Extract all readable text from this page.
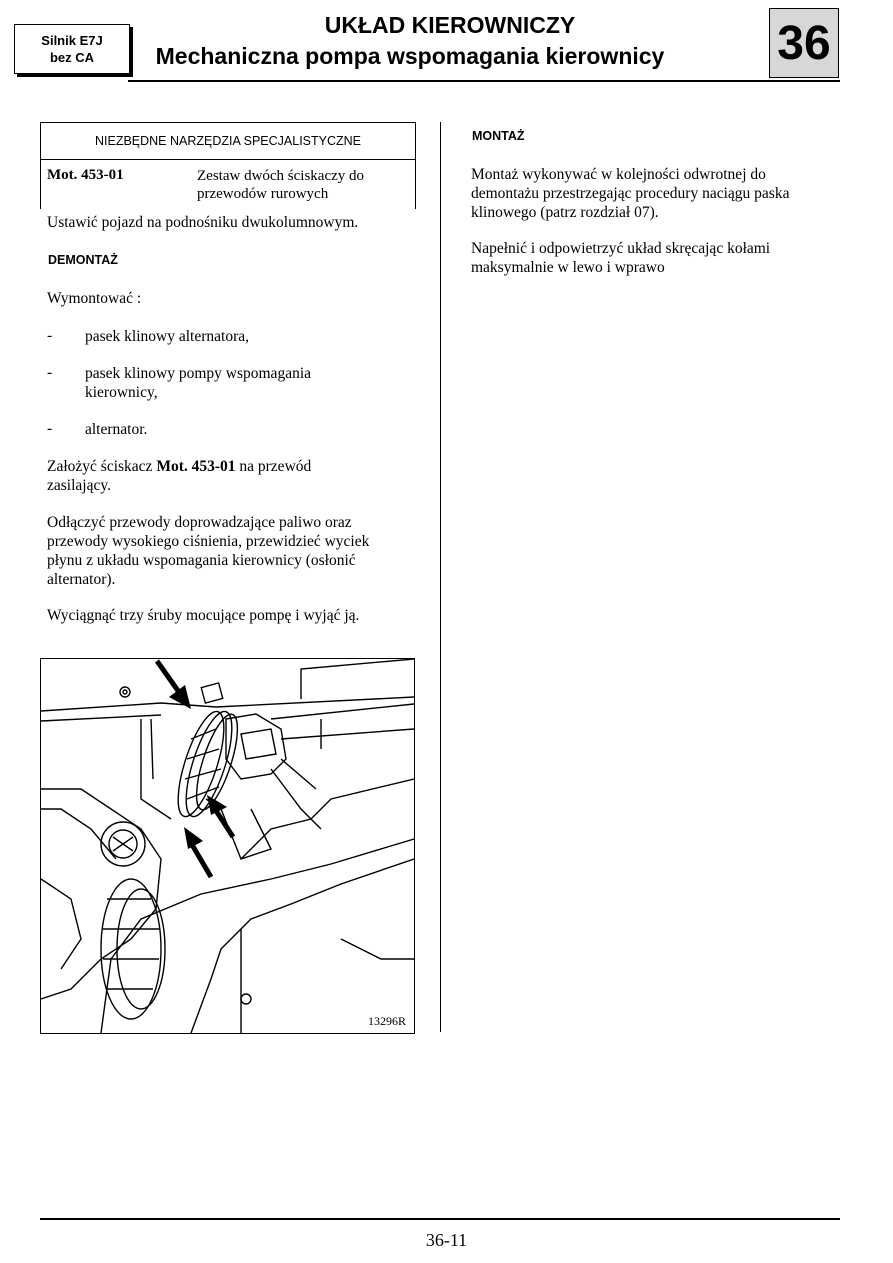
Silnik E7J
bez CA
UKŁAD KIEROWNICZY
Mechaniczna pompa wspomagania kierownicy	36
NIEZBĘDNE NARZĘDZIA SPECJALISTYCZNE
Mot. 453-01	Zestaw dwóch ściskaczy do przewodów rurowych
Ustawić pojazd na podnośniku dwukolumnowym.
DEMONTAŻ
Wymontować :
- pasek klinowy alternatora,
- pasek klinowy pompy wspomagania kierownicy,
- alternator.
Założyć ściskacz Mot. 453-01 na przewód zasilający.
Odłączyć przewody doprowadzające paliwo oraz przewody wysokiego ciśnienia, przewidzieć wyciek płynu z układu wspomagania kierownicy (osłonić alternator).
Wyciągnąć trzy śruby mocujące pompę i wyjąć ją.
13296R
MONTAŻ
Montaż wykonywać w kolejności odwrotnej do demontażu przestrzegając procedury naciągu paska klinowego (patrz rozdział 07).
Napełnić i odpowietrzyć układ skręcając kołami maksymalnie w lewo i wprawo
36-11
